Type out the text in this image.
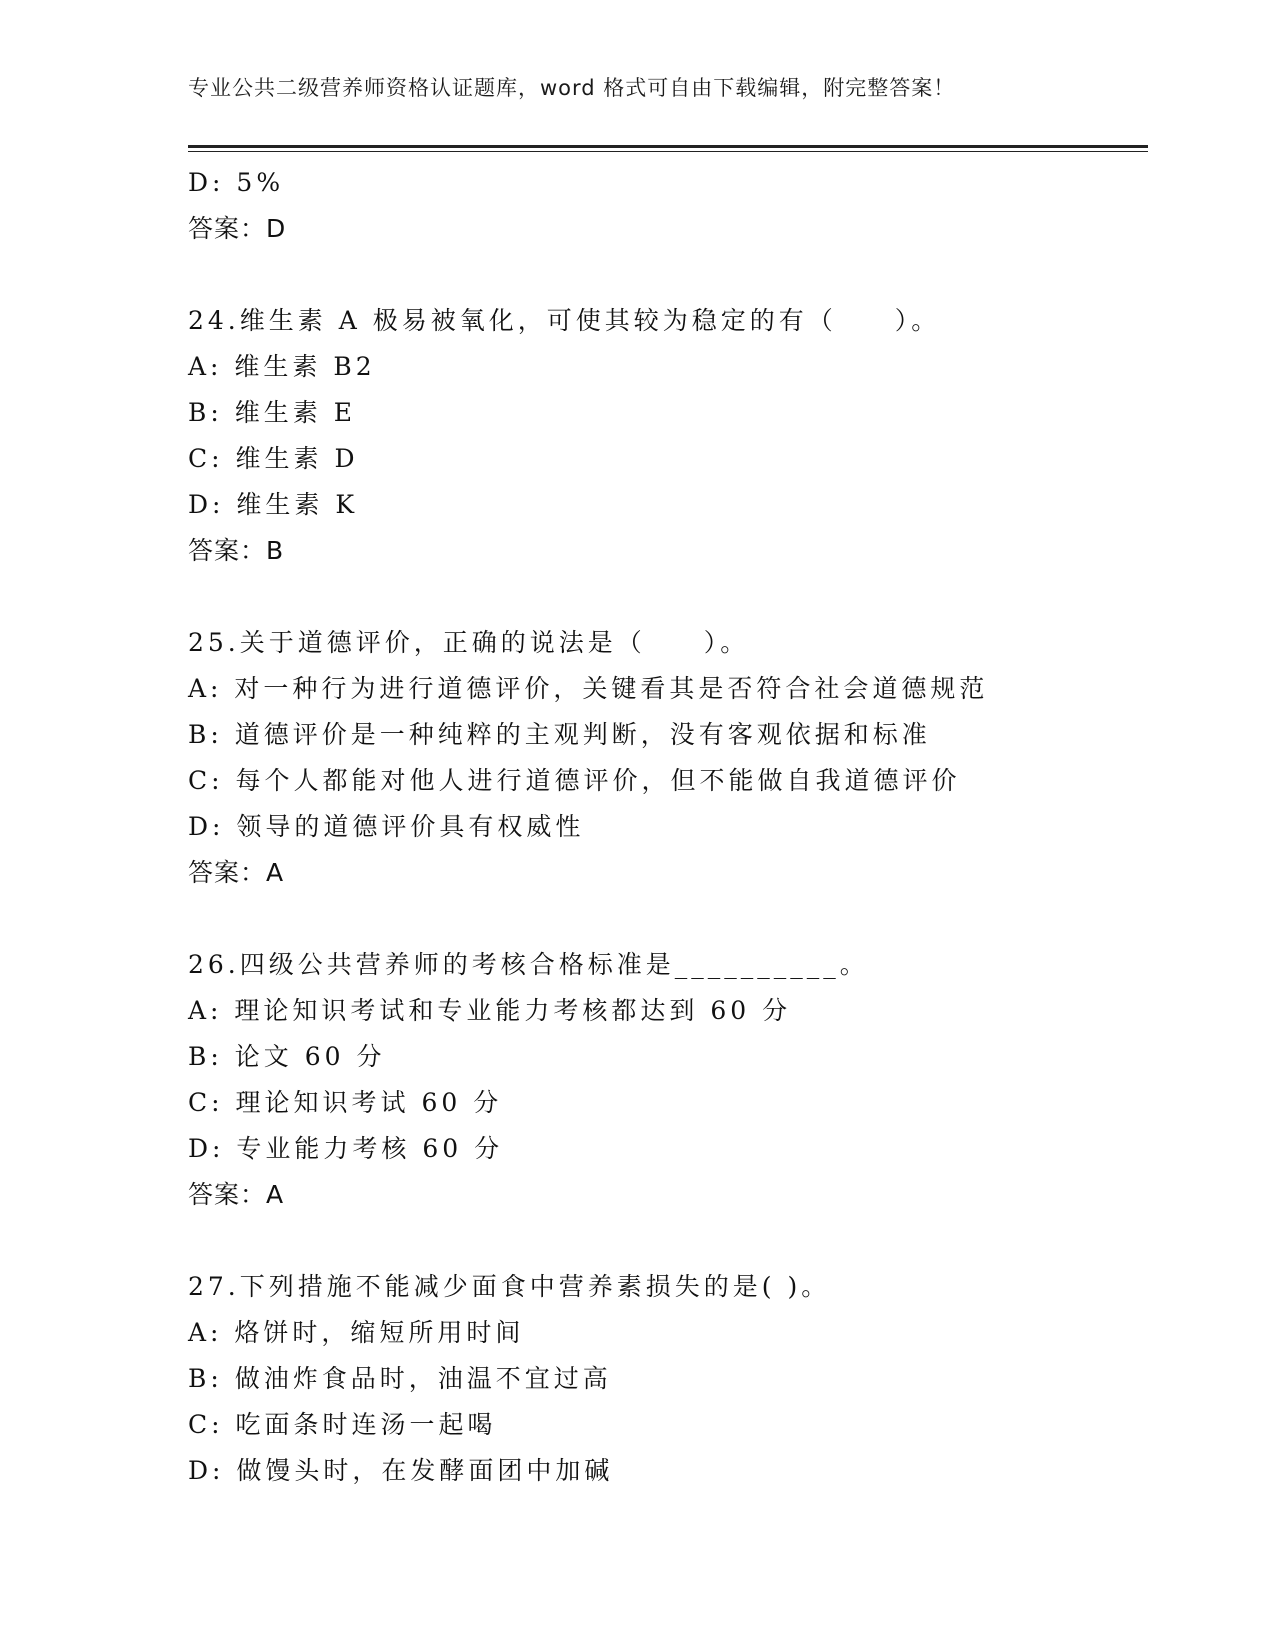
专业公共二级营养师资格认证题库，word 格式可自由下载编辑，附完整答案！
D: 5%
答案：D
24.维生素 A 极易被氧化，可使其较为稳定的有（　　）。
A: 维生素 B2
B: 维生素 E
C: 维生素 D
D: 维生素 K
答案：B
25.关于道德评价，正确的说法是（　　）。
A: 对一种行为进行道德评价，关键看其是否符合社会道德规范
B: 道德评价是一种纯粹的主观判断，没有客观依据和标准
C: 每个人都能对他人进行道德评价，但不能做自我道德评价
D: 领导的道德评价具有权威性
答案：A
26.四级公共营养师的考核合格标准是__________。
A: 理论知识考试和专业能力考核都达到 60 分
B: 论文 60 分
C: 理论知识考试 60 分
D: 专业能力考核 60 分
答案：A
27.下列措施不能减少面食中营养素损失的是( )。
A: 烙饼时，缩短所用时间
B: 做油炸食品时，油温不宜过高
C: 吃面条时连汤一起喝
D: 做馒头时，在发酵面团中加碱
